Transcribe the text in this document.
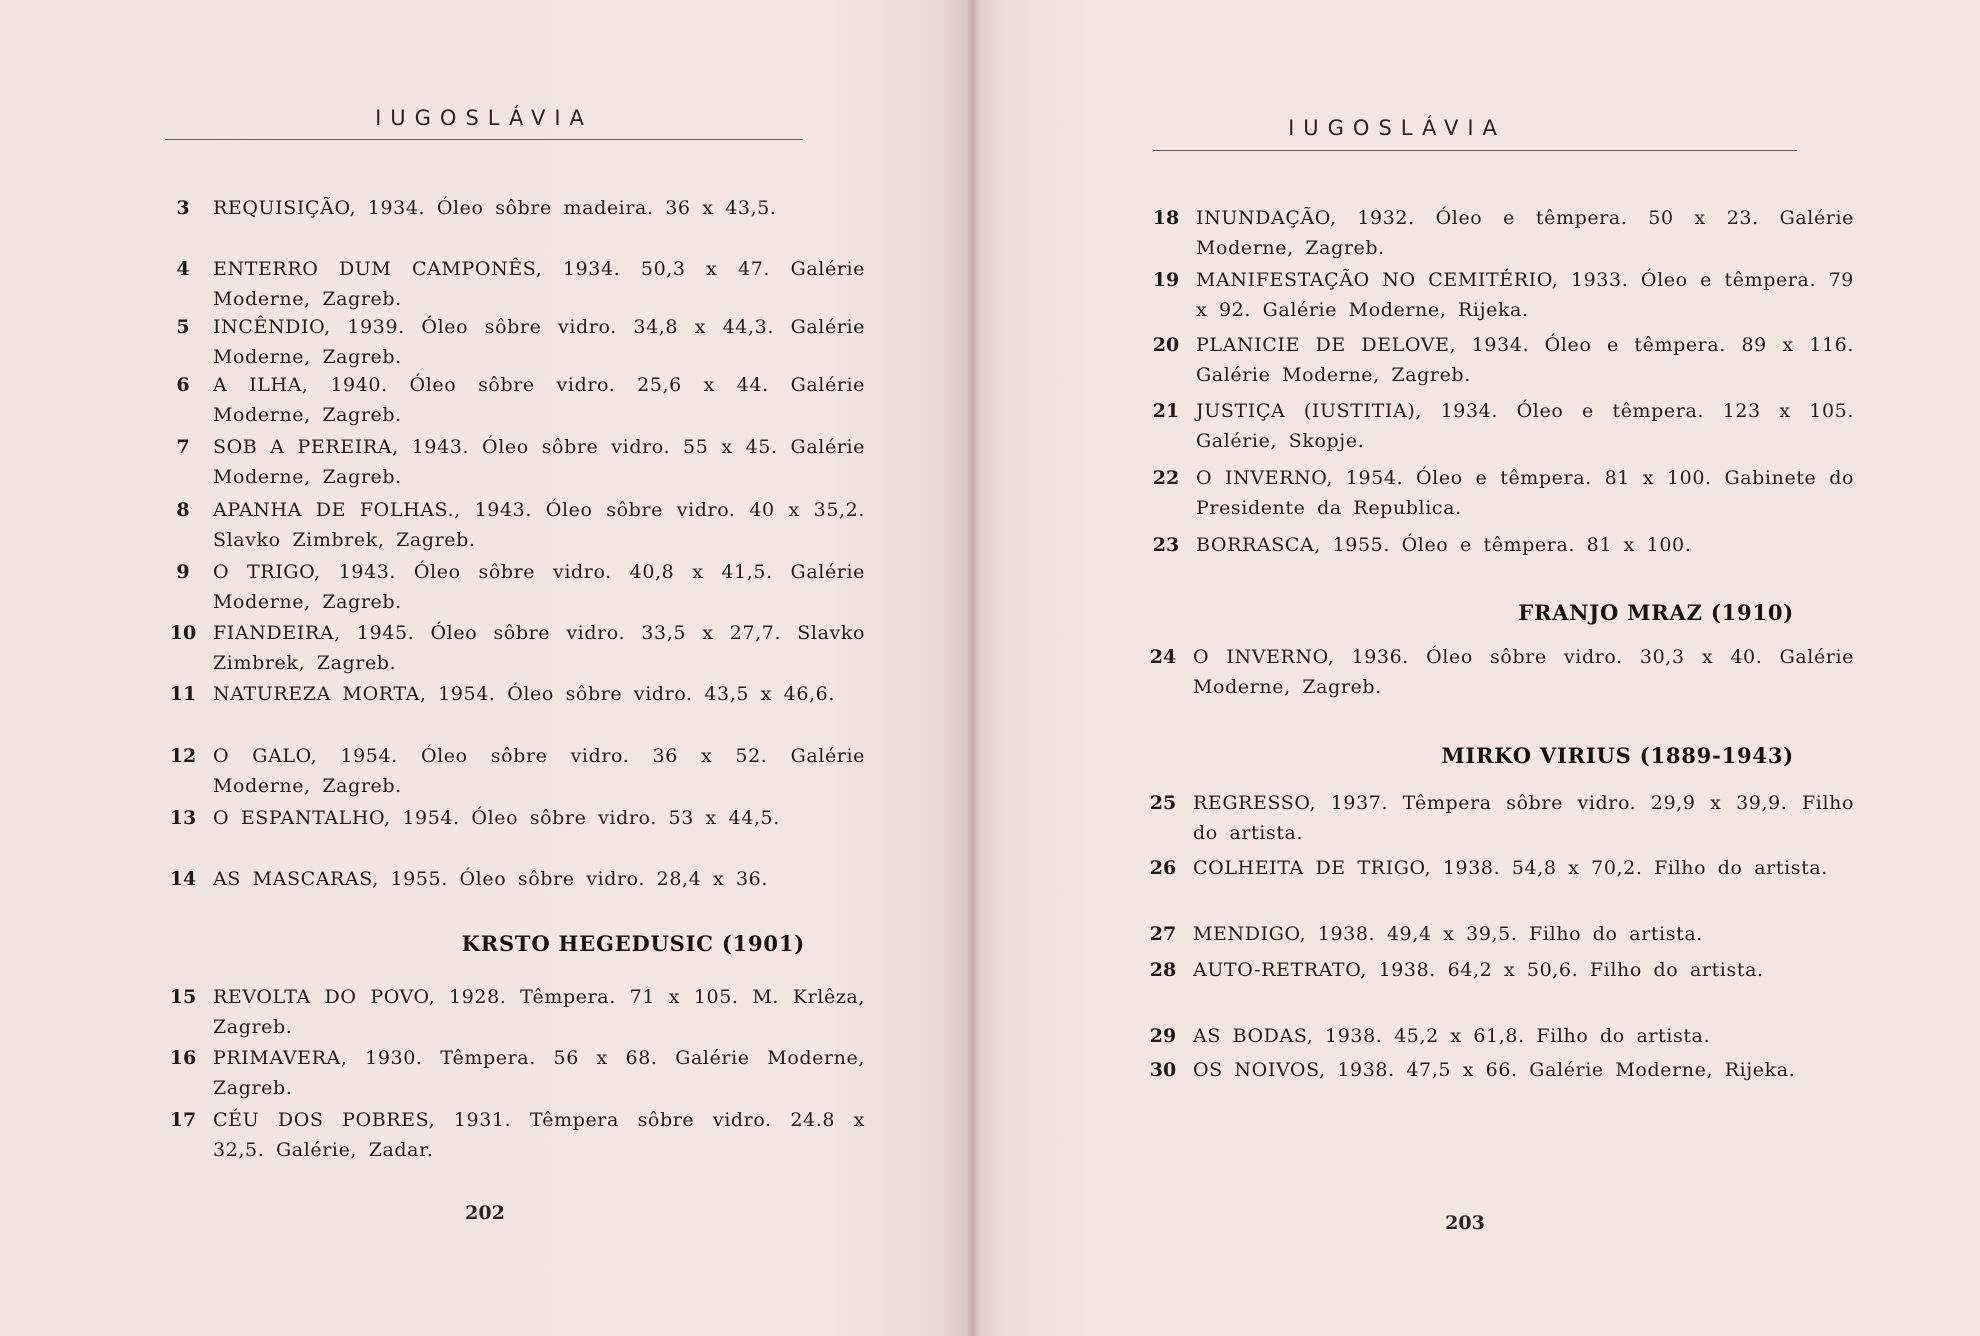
IUGOSLÁVIA
3	REQUISIÇÃO, 1934. Óleo sôbre madeira. 36 x 43,5.
4	ENTERRO DUM CAMPONÊS, 1934. 50,3 x 47. Galérie Moderne, Zagreb.
5	INCÊNDIO, 1939. Óleo sôbre vidro. 34,8 x 44,3. Galérie Moderne, Zagreb.
6	A ILHA, 1940. Óleo sôbre vidro. 25,6 x 44. Galérie Moderne, Zagreb.
7	SOB A PEREIRA, 1943. Óleo sôbre vidro. 55 x 45. Galérie Moderne, Zagreb.
8	APANHA DE FOLHAS., 1943. Óleo sôbre vidro. 40 x 35,2. Slavko Zimbrek, Zagreb.
9	O TRIGO, 1943. Óleo sôbre vidro. 40,8 x 41,5. Galérie Moderne, Zagreb.
10 FIANDEIRA, 1945. Óleo sôbre vidro. 33,5 x 27,7. Slavko Zimbrek, Zagreb.
11 NATUREZA MORTA, 1954. Óleo sôbre vidro. 43,5 x 46,6.
12 O GALO, 1954. Óleo sôbre vidro. 36 x 52. Galérie Moderne, Zagreb.
13 O ESPANTALHO, 1954. Óleo sôbre vidro. 53 x 44,5.
14 AS MASCARAS, 1955. Óleo sôbre vidro. 28,4 x 36.
KRSTO HEGEDUSIC (1901)
15 REVOLTA DO POVO, 1928. Têmpera. 71 x 105. M. Krlêza, Zagreb.
16 PRIMAVERA, 1930. Têmpera. 56 x 68. Galérie Moderne, Zagreb.
17 CÉU DOS POBRES, 1931. Têmpera sôbre vidro. 24.8 x 32,5. Galérie, Zadar.
202
IUGOSLÁVIA
18 INUNDAÇÃO, 1932. Óleo e têmpera. 50 x 23. Galérie Moderne, Zagreb.
19 MANIFESTAÇÃO NO CEMITÉRIO, 1933. Óleo e têmpera. 79 x 92. Galérie Moderne, Rijeka.
20 PLANICIE DE DELOVE, 1934. Óleo e têmpera. 89 x 116. Galérie Moderne, Zagreb.
21 JUSTIÇA (IUSTITIA), 1934. Óleo e têmpera. 123 x 105. Galérie, Skopje.
22 O INVERNO, 1954. Óleo e têmpera. 81 x 100. Gabinete do Presidente da Republica.
23 BORRASCA, 1955. Óleo e têmpera. 81 x 100.
FRANJO MRAZ (1910)
24 O INVERNO, 1936. Óleo sôbre vidro. 30,3 x 40. Galérie Moderne, Zagreb.
MIRKO VIRIUS (1889-1943)
25 REGRESSO, 1937. Têmpera sôbre vidro. 29,9 x 39,9. Filho do artista.
26 COLHEITA DE TRIGO, 1938. 54,8 x 70,2. Filho do artista.
27 MENDIGO, 1938. 49,4 x 39,5. Filho do artista.
28 AUTO-RETRATO, 1938. 64,2 x 50,6. Filho do artista.
29 AS BODAS, 1938. 45,2 x 61,8. Filho do artista.
30 OS NOIVOS, 1938. 47,5 x 66. Galérie Moderne, Rijeka.
203
